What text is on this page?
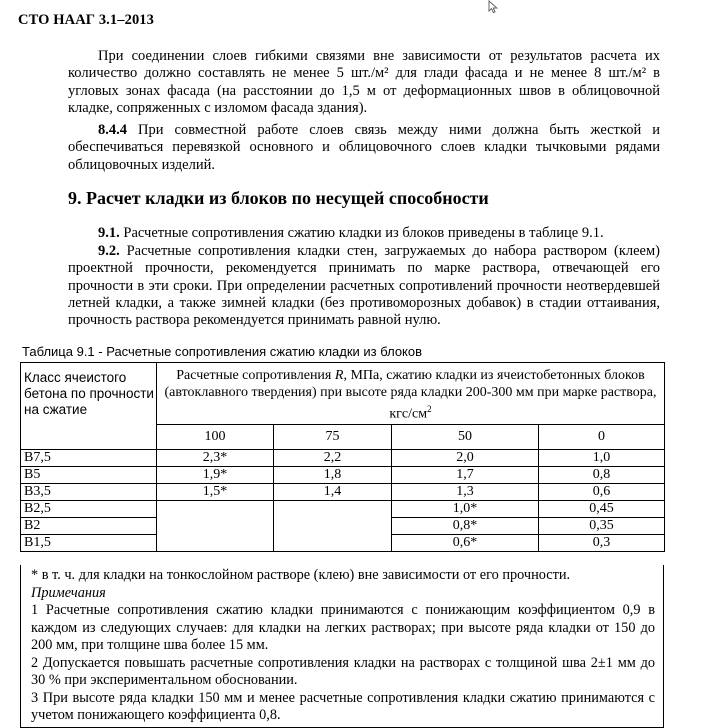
СТО НААГ 3.1–2013
При соединении слоев гибкими связями вне зависимости от результатов расчета их количество должно составлять не менее 5 шт./м² для глади фасада и не менее 8 шт./м² в угловых зонах фасада (на расстоянии до 1,5 м от деформационных швов в облицовочной кладке, сопряженных с изломом фасада здания).
8.4.4 При совместной работе слоев связь между ними должна быть жесткой и обеспечиваться перевязкой основного и облицовочного слоев кладки тычковыми рядами облицовочных изделий.
9. Расчет кладки из блоков по несущей способности
9.1. Расчетные сопротивления сжатию кладки из блоков приведены в таблице 9.1.
9.2. Расчетные сопротивления кладки стен, загружаемых до набора раствором (клеем) проектной прочности, рекомендуется принимать по марке раствора, отвечающей его прочности в эти сроки. При определении расчетных сопротивлений прочности неотвердевшей летней кладки, а также зимней кладки (без противоморозных добавок) в стадии оттаивания, прочность раствора рекомендуется принимать равной нулю.
Таблица 9.1 - Расчетные сопротивления сжатию кладки из блоков
Класс ячеистого бетона по прочности на сжатие	Расчетные сопротивления R, МПа, сжатию кладки из ячеистобетонных блоков (автоклавного твердения) при высоте ряда кладки 200-300 мм при марке раствора, кгс/$см^2$
	100	75	50	0
B7,5	2,3*	2,2	2,0	1,0
B5	1,9*	1,8	1,7	0,8
B3,5	1,5*	1,4	1,3	0,6
B2,5			1,0*	0,45
B2			0,8*	0,35
B1,5			0,6*	0,3
* в т. ч. для кладки на тонкослойном растворе (клею) вне зависимости от его прочности.
Примечания
1 Расчетные сопротивления сжатию кладки принимаются с понижающим коэффициентом 0,9 в каждом из следующих случаев: для кладки на легких растворах; при высоте ряда кладки от 150 до 200 мм, при толщине шва более 15 мм.
2 Допускается повышать расчетные сопротивления кладки на растворах с толщиной шва 2±1 мм до 30 % при экспериментальном обосновании.
3 При высоте ряда кладки 150 мм и менее расчетные сопротивления кладки сжатию принимаются с учетом понижающего коэффициента 0,8.
